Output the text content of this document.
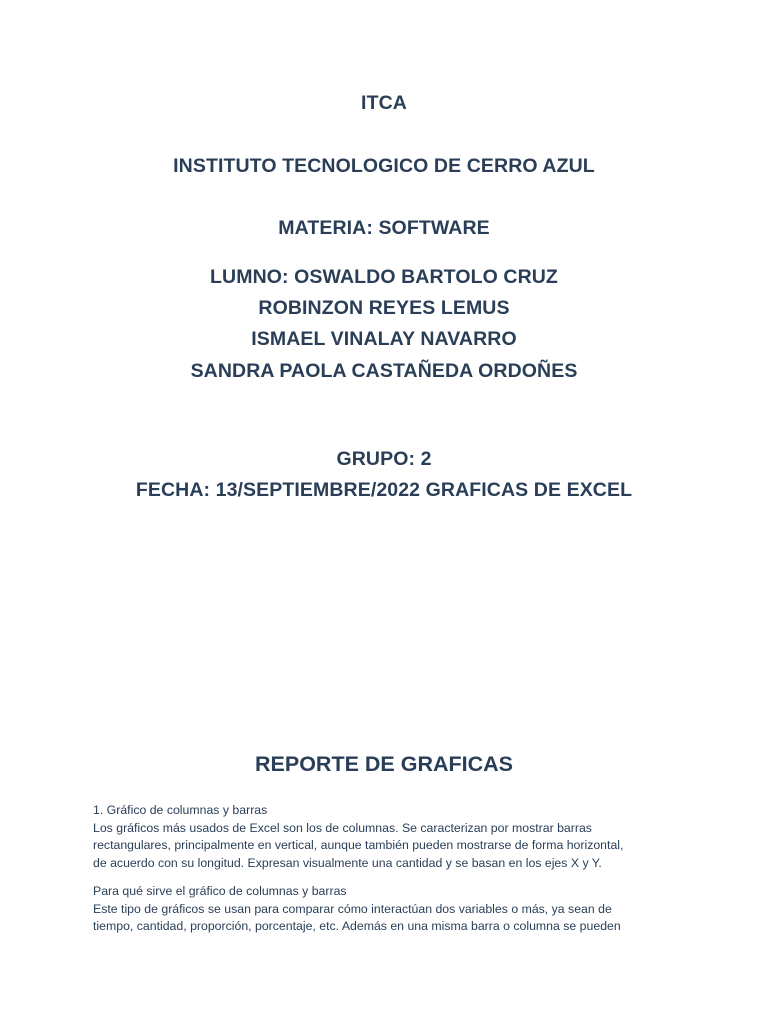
ITCA
INSTITUTO TECNOLOGICO DE CERRO AZUL
MATERIA: SOFTWARE
LUMNO: OSWALDO BARTOLO CRUZ
ROBINZON REYES LEMUS
ISMAEL VINALAY NAVARRO
SANDRA PAOLA CASTAÑEDA ORDOÑES
GRUPO: 2
FECHA: 13/SEPTIEMBRE/2022 GRAFICAS DE EXCEL
REPORTE DE GRAFICAS

1. Gráfico de columnas y barras

Los gráficos más usados de Excel son los de columnas. Se caracterizan por mostrar barras

rectangulares, principalmente en vertical, aunque también pueden mostrarse de forma horizontal,

de acuerdo con su longitud. Expresan visualmente una cantidad y se basan en los ejes X y Y.

Para qué sirve el gráfico de columnas y barras

Este tipo de gráficos se usan para comparar cómo interactúan dos variables o más, ya sean de

tiempo, cantidad, proporción, porcentaje, etc. Además en una misma barra o columna se pueden
